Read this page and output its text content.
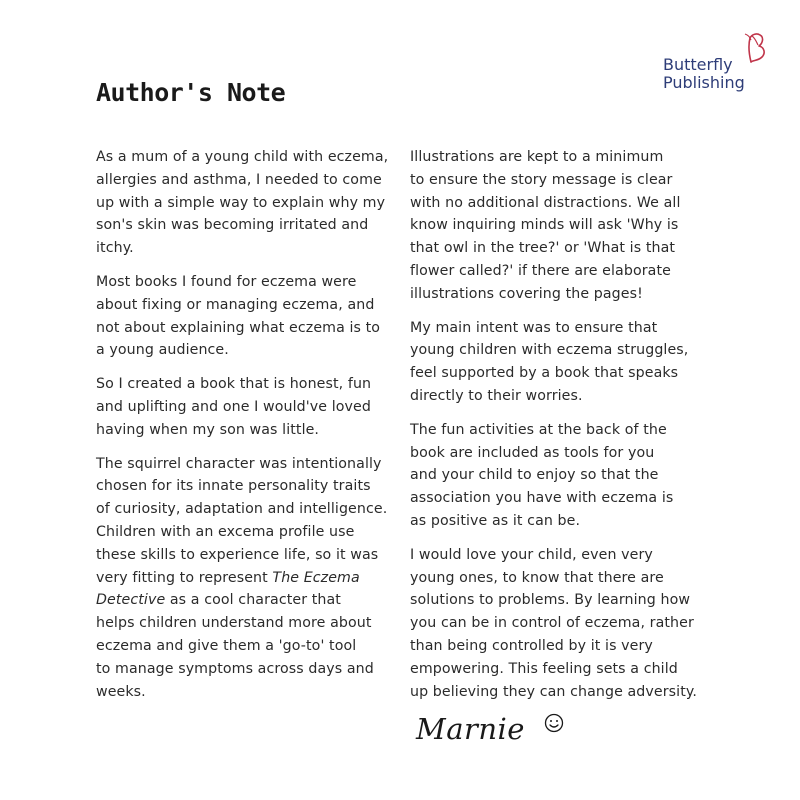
Butterfly
Publishing
Author's Note

As a mum of a young child with eczema,
allergies and asthma, I needed to come
up with a simple way to explain why my
son's skin was becoming irritated and
itchy.

Most books I found for eczema were
about fixing or managing eczema, and
not about explaining what eczema is to
a young audience.

So I created a book that is honest, fun
and uplifting and one I would've loved
having when my son was little.

The squirrel character was intentionally
chosen for its innate personality traits
of curiosity, adaptation and intelligence.
Children with an excema profile use
these skills to experience life, so it was
very fitting to represent The Eczema
Detective as a cool character that
helps children understand more about
eczema and give them a 'go-to' tool
to manage symptoms across days and
weeks.

Illustrations are kept to a minimum
to ensure the story message is clear
with no additional distractions. We all
know inquiring minds will ask 'Why is
that owl in the tree?' or 'What is that
flower called?' if there are elaborate
illustrations covering the pages!

My main intent was to ensure that
young children with eczema struggles,
feel supported by a book that speaks
directly to their worries.

The fun activities at the back of the
book are included as tools for you
and your child to enjoy so that the
association you have with eczema is
as positive as it can be.

I would love your child, even very
young ones, to know that there are
solutions to problems. By learning how
you can be in control of eczema, rather
than being controlled by it is very
empowering. This feeling sets a child
up believing they can change adversity.

Marnie
